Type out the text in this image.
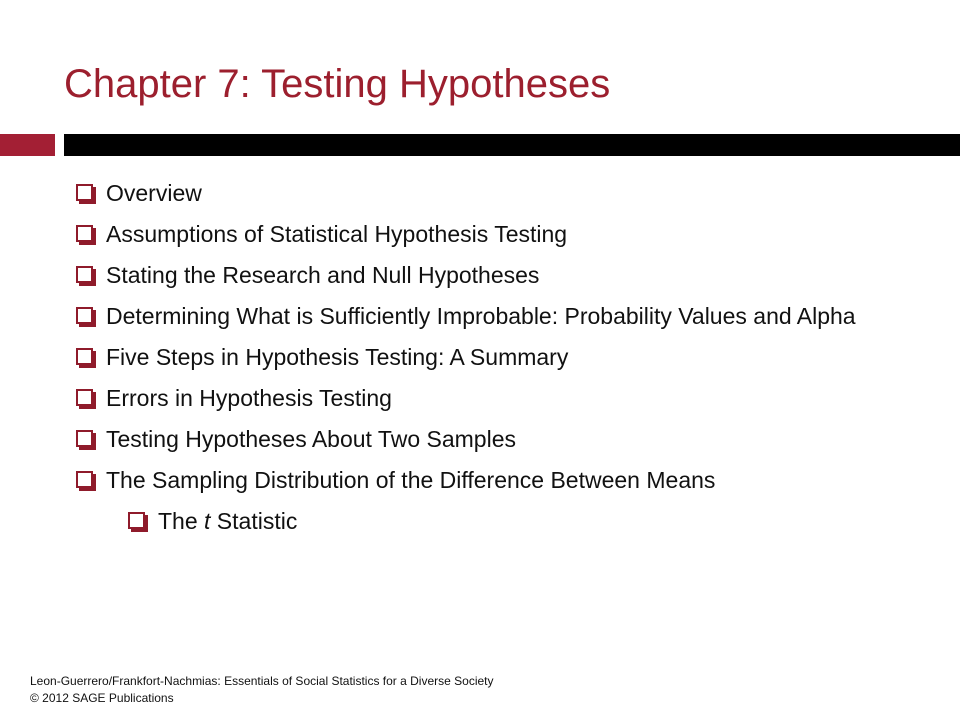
Chapter 7: Testing Hypotheses
Overview
Assumptions of Statistical Hypothesis Testing
Stating the Research and Null Hypotheses
Determining What is Sufficiently Improbable: Probability Values and Alpha
Five Steps in Hypothesis Testing: A Summary
Errors in Hypothesis Testing
Testing Hypotheses About Two Samples
The Sampling Distribution of the Difference Between Means
The t Statistic
Leon-Guerrero/Frankfort-Nachmias: Essentials of Social Statistics for a Diverse Society
© 2012 SAGE Publications
